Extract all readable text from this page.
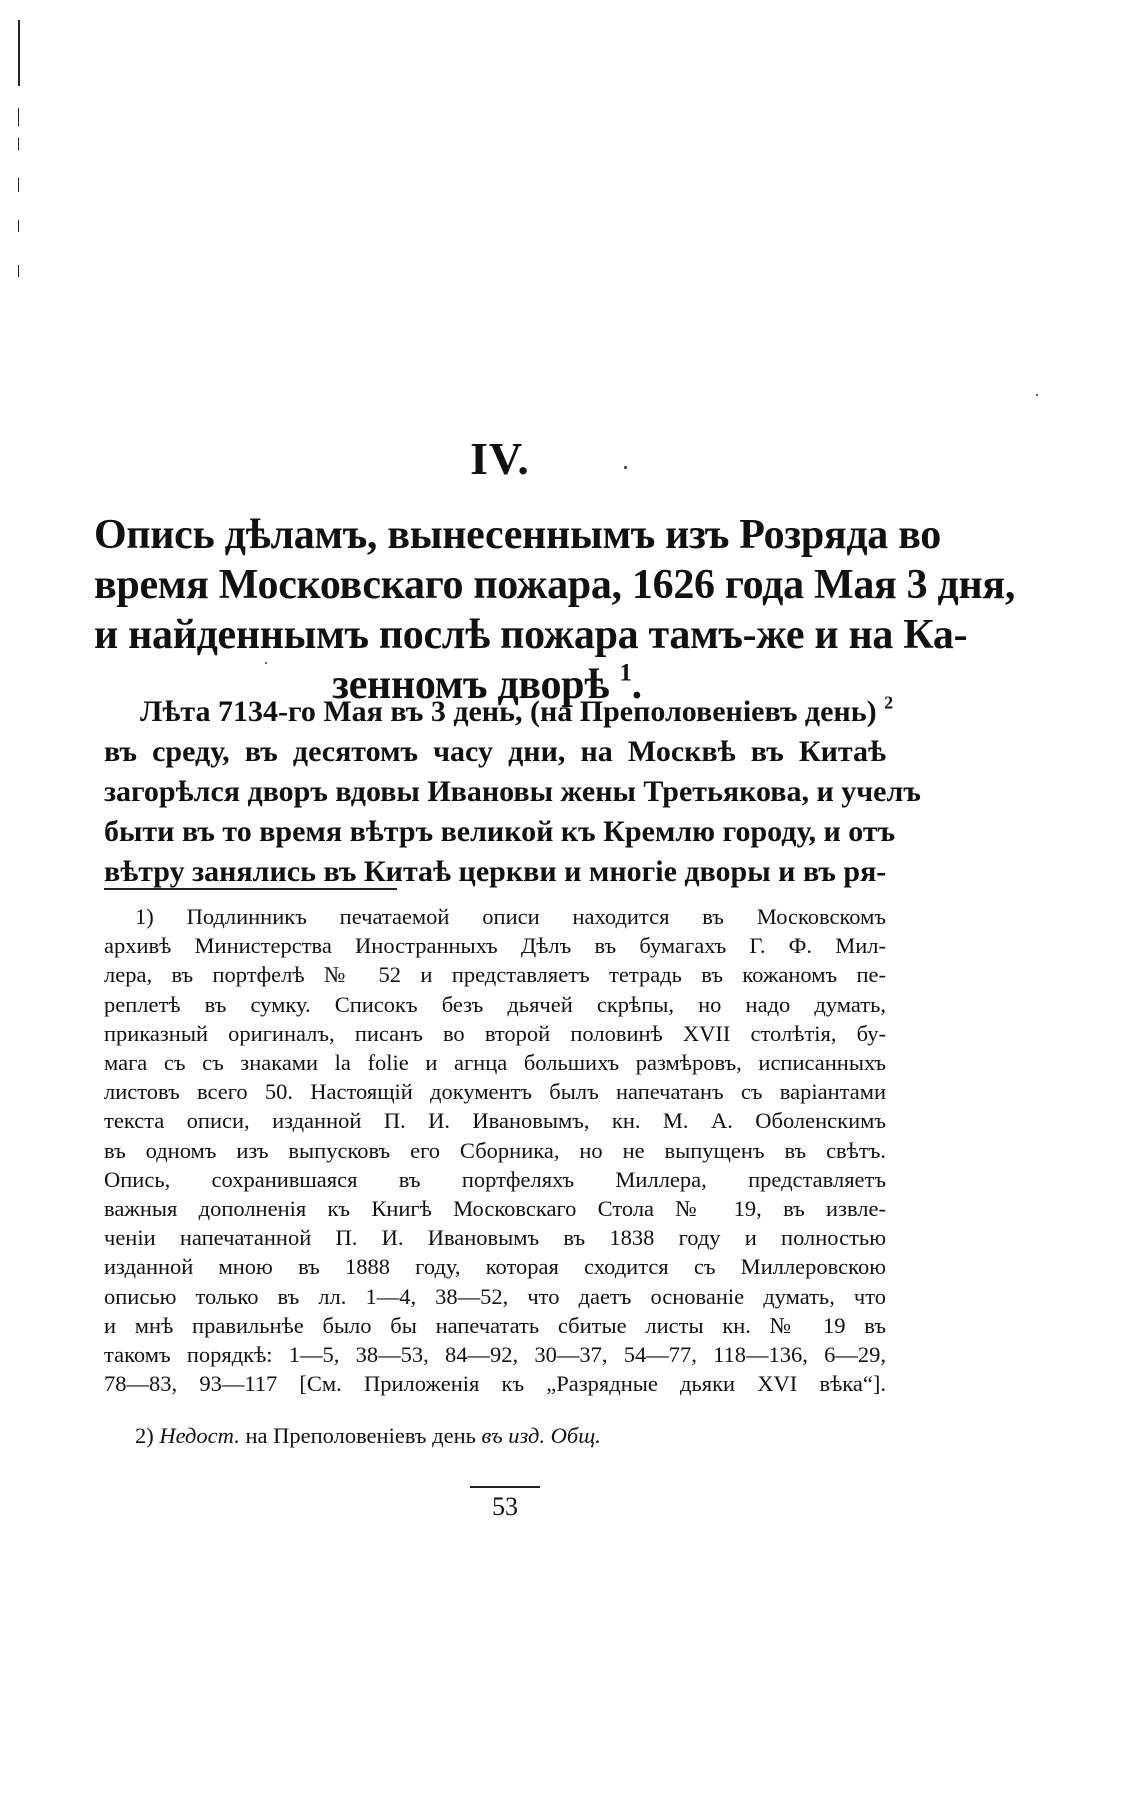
IV.
Опись дѣламъ, вынесеннымъ изъ Розряда во
время Московскаго пожара, 1626 года Мая 3 дня,
и найденнымъ послѣ пожара тамъ-же и на Ка-
зенномъ дворѣ $^1$.
Лѣта 7134-го Мая въ 3 день, (на Преполовеніевъ день) $^2$
въ среду, въ десятомъ часу дни, на Москвѣ въ Китаѣ
загорѣлся дворъ вдовы Ивановы жены Третьякова, и учелъ
быти въ то время вѣтръ великой къ Кремлю городу, и отъ
вѣтру занялись въ Китаѣ церкви и многіе дворы и въ ря-
1) Подлинникъ печатаемой описи находится въ Московскомъ
архивѣ Министерства Иностранныхъ Дѣлъ въ бумагахъ Г. Ф. Мил-
лера, въ портфелѣ № 52 и представляетъ тетрадь въ кожаномъ пе-
реплетѣ въ сумку. Списокъ безъ дьячей скрѣпы, но надо думать,
приказный оригиналъ, писанъ во второй половинѣ XVII столѣтія, бу-
мага съ съ знаками la folie и агнца большихъ размѣровъ, исписанныхъ
листовъ всего 50. Настоящій документъ былъ напечатанъ съ варіантами
текста описи, изданной П. И. Ивановымъ, кн. М. А. Оболенскимъ
въ одномъ изъ выпусковъ его Сборника, но не выпущенъ въ свѣтъ.
Опись, сохранившаяся въ портфеляхъ Миллера, представляетъ
важныя дополненія къ Книгѣ Московскаго Стола № 19, въ извле-
ченіи напечатанной П. И. Ивановымъ въ 1838 году и полностью
изданной мною въ 1888 году, которая сходится съ Миллеровскою
описью только въ лл. 1—4, 38—52, что даетъ основаніе думать, что
и мнѣ правильнѣе было бы напечатать сбитые листы кн. № 19 въ
такомъ порядкѣ: 1—5, 38—53, 84—92, 30—37, 54—77, 118—136, 6—29,
78—83, 93—117 [См. Приложенія къ „Разрядные дьяки XVI вѣка“].
2) Недост. на Преполовеніевъ день въ изд. Общ.
53
